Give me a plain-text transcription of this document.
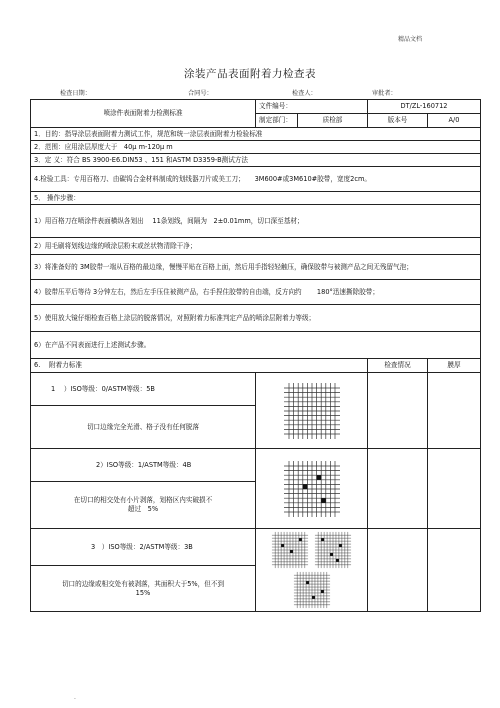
精品文档
涂装产品表面附着力检查表
检查日期：	合同号：	检查人：	审批者：
喷涂件表面附着力检测标准	文件编号：		DT/ZL-160712	
	制定部门：	质检部	版本号	A/0
1．目的：指导涂层表面附着力测试工作，规范和统一涂层表面附着力检验标准				
2．范围：应用涂层厚度大于　40μ m-120μ m				
3．定 义：符合 BS 3900-E6.DIN53 、151 和ASTM D3359-B测试方法				
4.检验工具：专用百格刀、由碳钨合金材料制成的划线器刀片或美工刀；　　3M600#或3M610#胶带，宽度2cm。				
5． 操作步骤：				
1）用百格刀在喷涂件表面横纵各划出　 11条划线，间隔为　2±0.01mm，切口深至基材；				
2）用毛刷将划线边缘的喷涂层粉末或丝状物清除干净；				
3）将准备好的 3M胶带一端从百格的最边缘，慢慢平贴在百格上面，然后用手指轻轻触压，确保胶带与被测产品之间无残留气泡；				
4）胶带压平后等待 3分钟左右，然后左手压住被测产品，右手捏住胶带的自由端，反方向约　　 180°迅速撕除胶带；				
5）使用放大镜仔细检查百格上涂层的脱落情况，对照附着力标准判定产品的喷涂层附着力等级；				
6）在产品不同表面进行上述测试步骤。				
6.　 附着力标准			检查情况	膜厚
1　 ）ISO等级：0/ASTM等级：5B	

切口边缘完全光滑、格子没有任何脱落				
2）ISO等级：1/ASTM等级：4B	

在切口的相交处有小片剥落，划格区内实破损不超过　5%				
3　）ISO等级：2/ASTM等级：3B			
切口的边缘或相交处有被剥落，其面积大于5%，但不到　15%				
.
